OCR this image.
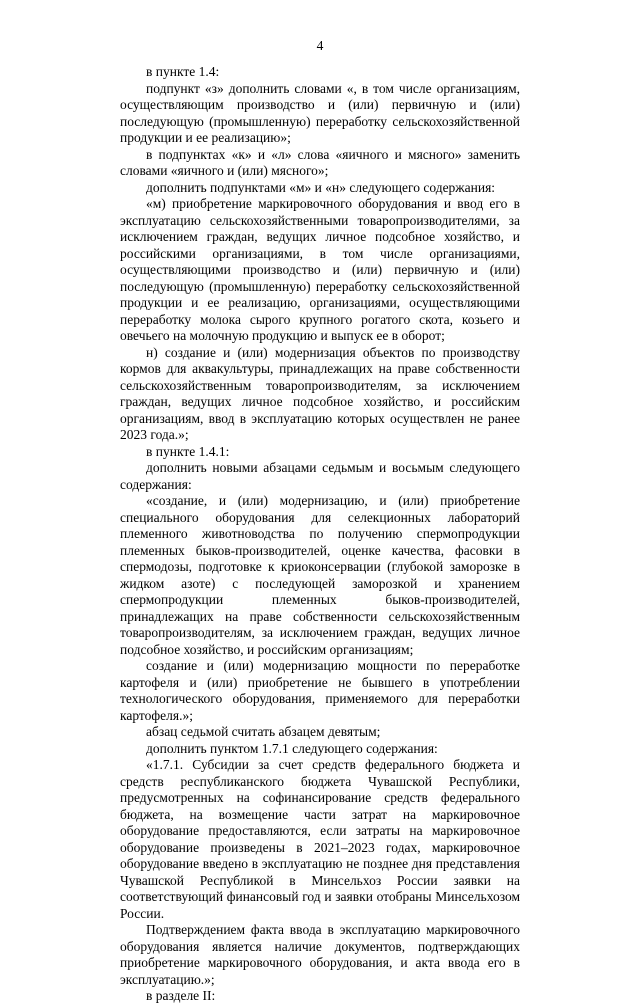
4

в пункте 1.4:

подпункт «з» дополнить словами «, в том числе организациям, осуществляющим производство и (или) первичную и (или) последующую (промышленную) переработку сельскохозяйственной продукции и ее реализацию»;

в подпунктах «к» и «л» слова «яичного и мясного» заменить словами «яичного и (или) мясного»;

дополнить подпунктами «м» и «н» следующего содержания:

«м) приобретение маркировочного оборудования и ввод его в эксплуатацию сельскохозяйственными товаропроизводителями, за исключением граждан, ведущих личное подсобное хозяйство, и российскими организациями, в том числе организациями, осуществляющими производство и (или) первичную и (или) последующую (промышленную) переработку сельскохозяйственной продукции и ее реализацию, организациями, осуществляющими переработку молока сырого крупного рогатого скота, козьего и овечьего на молочную продукцию и выпуск ее в оборот;

н) создание и (или) модернизация объектов по производству кормов для аквакультуры, принадлежащих на праве собственности сельскохозяйственным товаропроизводителям, за исключением граждан, ведущих личное подсобное хозяйство, и российским организациям, ввод в эксплуатацию которых осуществлен не ранее 2023 года.»;

в пункте 1.4.1:

дополнить новыми абзацами седьмым и восьмым следующего содержания:

«создание, и (или) модернизацию, и (или) приобретение специального оборудования для селекционных лабораторий племенного животноводства по получению спермопродукции племенных быков-производителей, оценке качества, фасовки в спермодозы, подготовке к криоконсервации (глубокой заморозке в жидком азоте) с последующей заморозкой и хранением спермопродукции племенных быков-производителей, принадлежащих на праве собственности сельскохозяйственным товаропроизводителям, за исключением граждан, ведущих личное подсобное хозяйство, и российским организациям;

создание и (или) модернизацию мощности по переработке картофеля и (или) приобретение не бывшего в употреблении технологического оборудования, применяемого для переработки картофеля.»;

абзац седьмой считать абзацем девятым;

дополнить пунктом 1.7.1 следующего содержания:

«1.7.1. Субсидии за счет средств федерального бюджета и средств республиканского бюджета Чувашской Республики, предусмотренных на софинансирование средств федерального бюджета, на возмещение части затрат на маркировочное оборудование предоставляются, если затраты на маркировочное оборудование произведены в 2021–2023 годах, маркировочное оборудование введено в эксплуатацию не позднее дня представления Чувашской Республикой в Минсельхоз России заявки на соответствующий финансовый год и заявки отобраны Минсельхозом России.

Подтверждением факта ввода в эксплуатацию маркировочного оборудования является наличие документов, подтверждающих приобретение маркировочного оборудования, и акта ввода его в эксплуатацию.»;

в разделе II:
